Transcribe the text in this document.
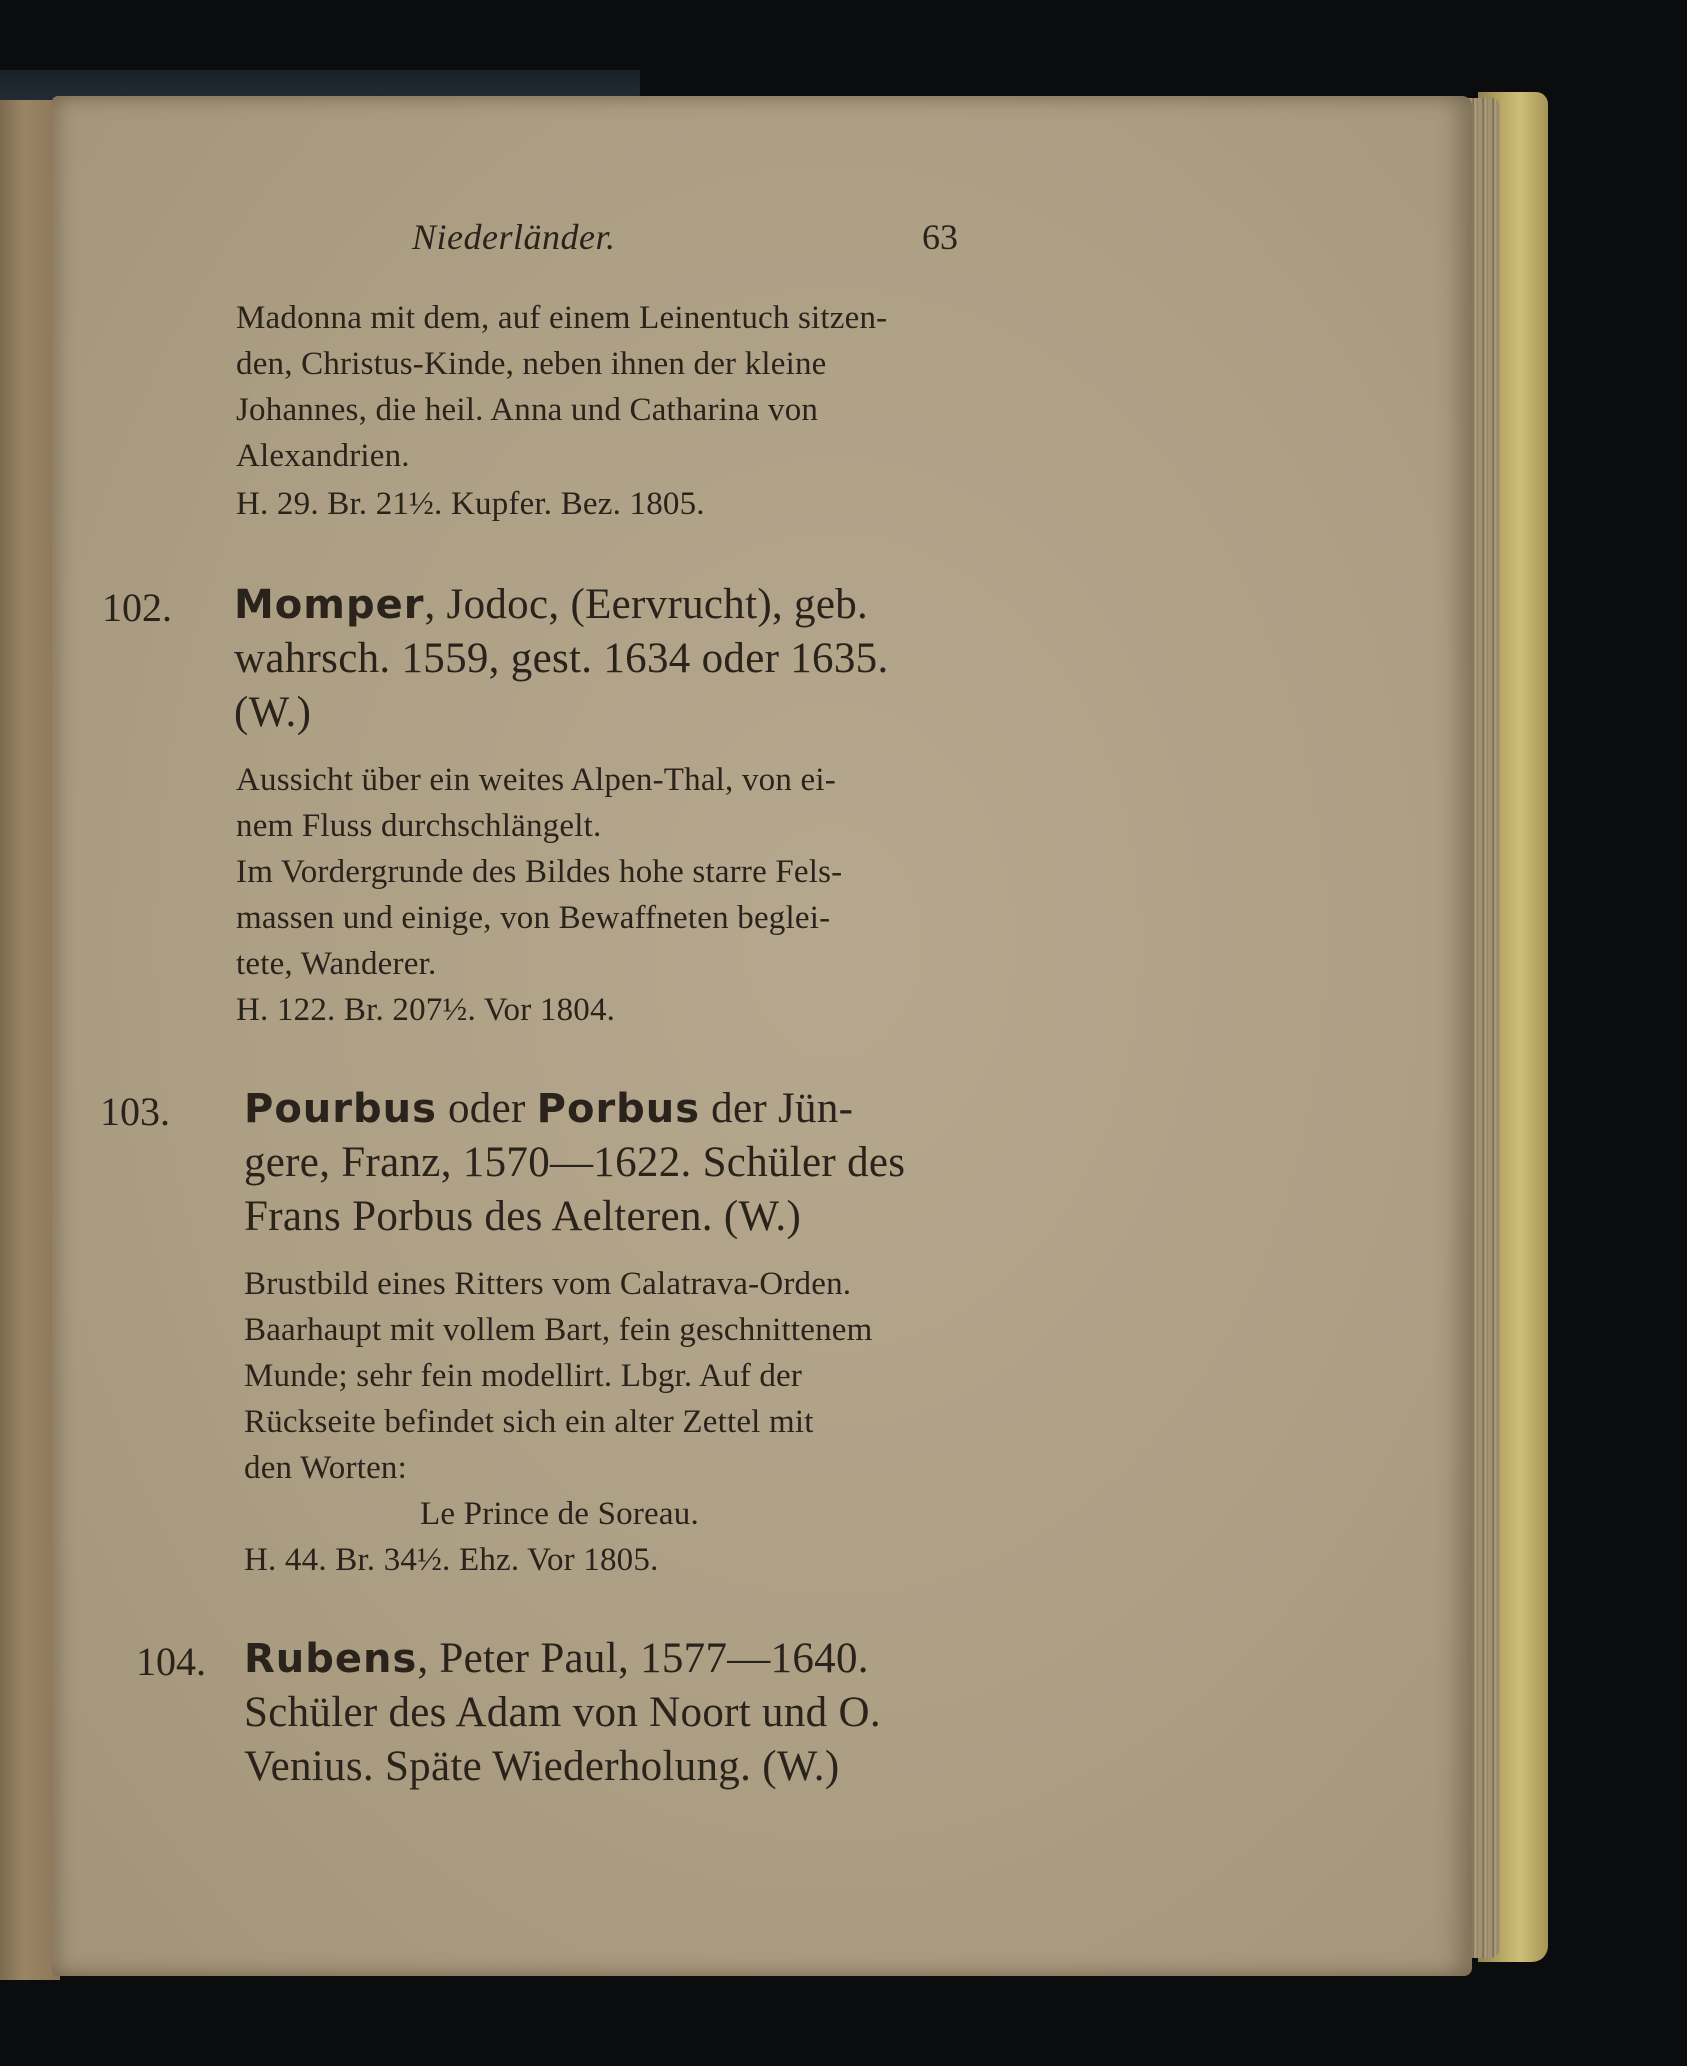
Niederländer.	63
Madonna mit dem, auf einem Leinentuch sitzen-
den, Christus-Kinde, neben ihnen der kleine
Johannes, die heil. Anna und Catharina von
Alexandrien.
H. 29. Br. 21½. Kupfer. Bez. 1805.
102. Momper, Jodoc, (Eervrucht), geb.
wahrsch. 1559, gest. 1634 oder 1635.
(W.)
Aussicht über ein weites Alpen-Thal, von ei-
nem Fluss durchschlängelt.
Im Vordergrunde des Bildes hohe starre Fels-
massen und einige, von Bewaffneten beglei-
tete, Wanderer.
H. 122. Br. 207½. Vor 1804.
103. Pourbus oder Porbus der Jün-
gere, Franz, 1570—1622. Schüler des
Frans Porbus des Aelteren. (W.)
Brustbild eines Ritters vom Calatrava-Orden.
Baarhaupt mit vollem Bart, fein geschnittenem
Munde; sehr fein modellirt. Lbgr. Auf der
Rückseite befindet sich ein alter Zettel mit
den Worten:
Le Prince de Soreau.
H. 44. Br. 34½. Ehz. Vor 1805.
104. Rubens, Peter Paul, 1577—1640.
Schüler des Adam von Noort und O.
Venius. Späte Wiederholung. (W.)
